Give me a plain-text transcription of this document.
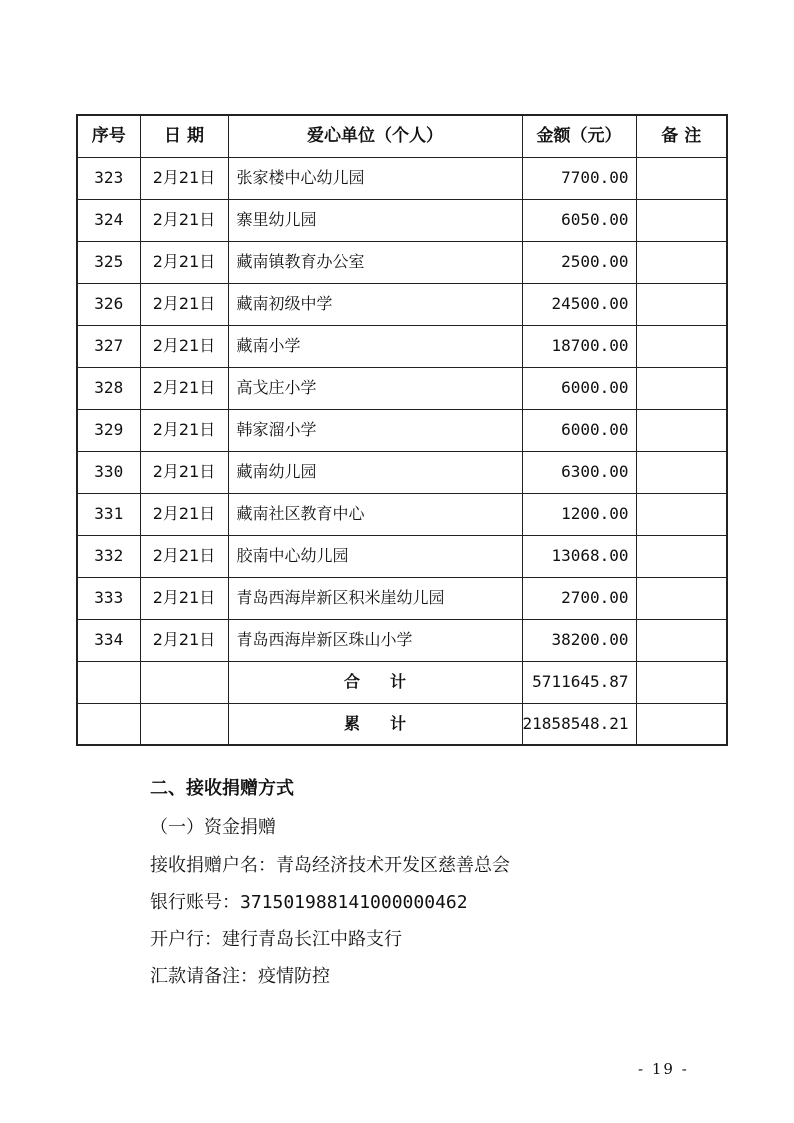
序号	日 期	爱心单位（个人）	金额（元）	备 注
323	2月21日	张家楼中心幼儿园	7700.00	
324	2月21日	寨里幼儿园	6050.00	
325	2月21日	藏南镇教育办公室	2500.00	
326	2月21日	藏南初级中学	24500.00	
327	2月21日	藏南小学	18700.00	
328	2月21日	高戈庄小学	6000.00	
329	2月21日	韩家溜小学	6000.00	
330	2月21日	藏南幼儿园	6300.00	
331	2月21日	藏南社区教育中心	1200.00	
332	2月21日	胶南中心幼儿园	13068.00	
333	2月21日	青岛西海岸新区积米崖幼儿园	2700.00	
334	2月21日	青岛西海岸新区珠山小学	38200.00	
		合计	5711645.87	
		累计	21858548.21	
二、接收捐赠方式
（一）资金捐赠
接收捐赠户名：青岛经济技术开发区慈善总会
银行账号：371501988141000000462
开户行：建行青岛长江中路支行
汇款请备注：疫情防控
- 19 -
